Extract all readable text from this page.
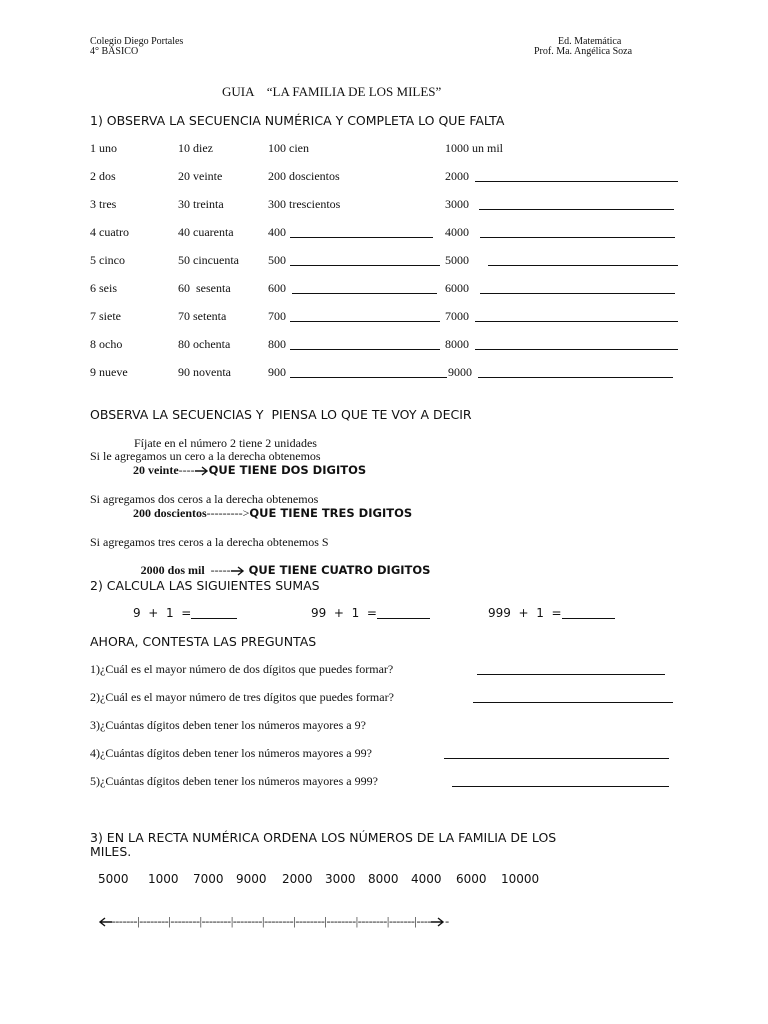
Colegio Diego Portales
4° BASICO
Ed. Matemática
Prof. Ma. Angélica Soza
GUIA    “LA FAMILIA DE LOS MILES”
1) OBSERVA LA SECUENCIA NUMÉRICA Y COMPLETA LO QUE FALTA
1 uno	10 diez	100 cien	1000 un mil
2 dos	20 veinte	200 doscientos	2000
3 tres	30 treinta	300 trescientos	3000
4 cuatro	40 cuarenta	400	4000
5 cinco	50 cincuenta 500	5000
6 seis	60  sesenta	600	6000
7 siete	70 setenta	700	7000
8 ocho	80 ochenta	800	8000
9 nueve	90 noventa	900	9000
OBSERVA LA SECUENCIAS Y  PIENSA LO QUE TE VOY A DECIR
Fíjate en el número 2 tiene 2 unidades
Si le agregamos un cero a la derecha obtenemos
20 veinte---- QUE TIENE DOS DIGITOS
Si agregamos dos ceros a la derecha obtenemos
200 doscientos--------->QUE TIENE TRES DIGITOS
Si agregamos tres ceros a la derecha obtenemos S

2000 dos mil  ----- QUE TIENE CUATRO DIGITOS

2) CALCULA LAS SIGUIENTES SUMAS
9  +  1  =	99  +  1  =	999  +  1  =
AHORA, CONTESTA LAS PREGUNTAS
1)¿Cuál es el mayor número de dos dígitos que puedes formar?
2)¿Cuál es el mayor número de tres dígitos que puedes formar?
3)¿Cuántas dígitos deben tener los números mayores a 9?
4)¿Cuántas dígitos deben tener los números mayores a 99?
5)¿Cuántas dígitos deben tener los números mayores a 999?
3) EN LA RECTA NUMÉRICA ORDENA LOS NÚMEROS DE LA FAMILIA DE LOS
MILES.
5000 1000 7000 9000 2000 3000 8000 4000 6000 10000

-------|--------|--------|--------|--------|--------|--------|--------|--------|-------|---- -
